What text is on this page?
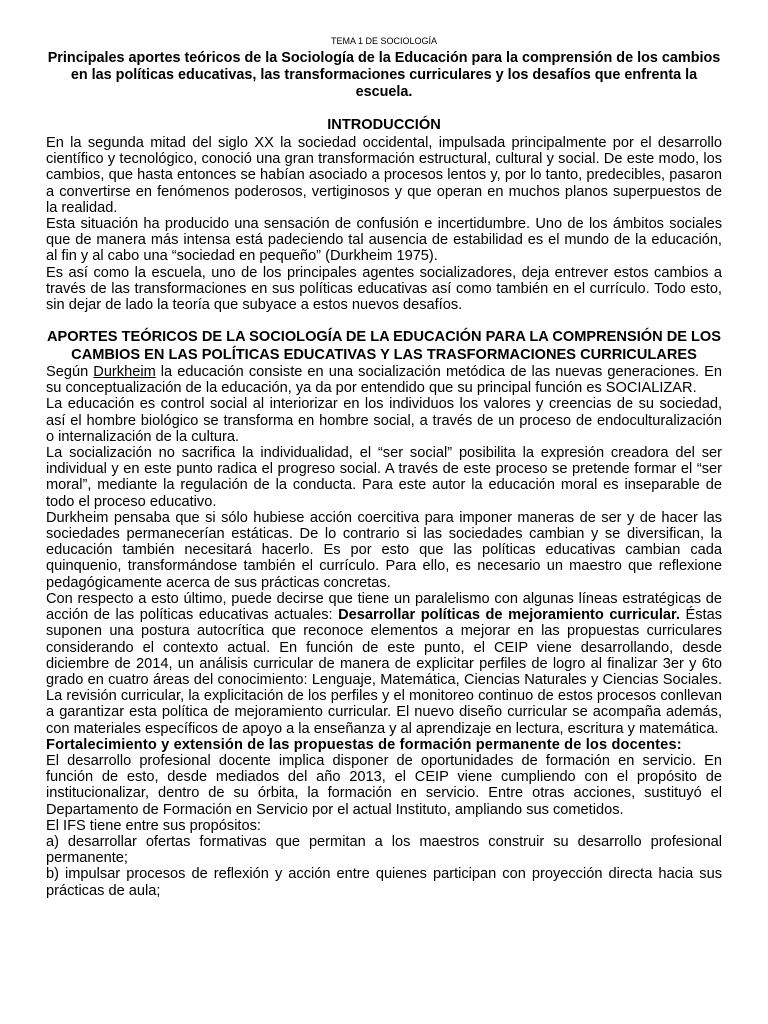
TEMA 1 DE SOCIOLOGÍA
Principales aportes teóricos de la Sociología de la Educación para la comprensión de los cambios en las políticas educativas, las transformaciones curriculares y los desafíos que enfrenta la escuela.
INTRODUCCIÓN

En la segunda mitad del siglo XX la sociedad occidental, impulsada principalmente por el desarrollo científico y tecnológico, conoció una gran transformación estructural, cultural y social. De este modo, los cambios, que hasta entonces se habían asociado a procesos lentos y, por lo tanto, predecibles, pasaron a convertirse en fenómenos poderosos, vertiginosos y que operan en muchos planos superpuestos de la realidad.

Esta situación ha producido una sensación de confusión e incertidumbre. Uno de los ámbitos sociales que de manera más intensa está padeciendo tal ausencia de estabilidad es el mundo de la educación, al fin y al cabo una “sociedad en pequeño” (Durkheim 1975).

Es así como la escuela, uno de los principales agentes socializadores, deja entrever estos cambios a través de las transformaciones en sus políticas educativas así como también en el currículo. Todo esto, sin dejar de lado la teoría que subyace a estos nuevos desafíos.

APORTES TEÓRICOS DE LA SOCIOLOGÍA DE LA EDUCACIÓN PARA LA COMPRENSIÓN DE LOS CAMBIOS EN LAS POLÍTICAS EDUCATIVAS Y LAS TRASFORMACIONES CURRICULARES

Según Durkheim la educación consiste en una socialización metódica de las nuevas generaciones. En su conceptualización de la educación, ya da por entendido que su principal función es SOCIALIZAR.

La educación es control social al interiorizar en los individuos los valores y creencias de su sociedad, así el hombre biológico se transforma en hombre social, a través de un proceso de endoculturalización o internalización de la cultura.

La socialización no sacrifica la individualidad, el “ser social” posibilita la expresión creadora del ser individual y en este punto radica el progreso social. A través de este proceso se pretende formar el “ser moral”, mediante la regulación de la conducta. Para este autor la educación moral es inseparable de todo el proceso educativo.

Durkheim pensaba que si sólo hubiese acción coercitiva para imponer maneras de ser y de hacer las sociedades permanecerían estáticas. De lo contrario si las sociedades cambian y se diversifican, la educación también necesitará hacerlo. Es por esto que las políticas educativas cambian cada quinquenio, transformándose también el currículo. Para ello, es necesario un maestro que reflexione pedagógicamente acerca de sus prácticas concretas.

Con respecto a esto último, puede decirse que tiene un paralelismo con algunas líneas estratégicas de acción de las políticas educativas actuales: Desarrollar políticas de mejoramiento curricular. Éstas suponen una postura autocrítica que reconoce elementos a mejorar en las propuestas curriculares considerando el contexto actual. En función de este punto, el CEIP viene desarrollando, desde diciembre de 2014, un análisis curricular de manera de explicitar perfiles de logro al finalizar 3er y 6to grado en cuatro áreas del conocimiento: Lenguaje, Matemática, Ciencias Naturales y Ciencias Sociales. La revisión curricular, la explicitación de los perfiles y el monitoreo continuo de estos procesos conllevan a garantizar esta política de mejoramiento curricular. El nuevo diseño curricular se acompaña además, con materiales específicos de apoyo a la enseñanza y al aprendizaje en lectura, escritura y matemática.

Fortalecimiento y extensión de las propuestas de formación permanente de los docentes:

El desarrollo profesional docente implica disponer de oportunidades de formación en servicio. En función de esto, desde mediados del año 2013, el CEIP viene cumpliendo con el propósito de institucionalizar, dentro de su órbita, la formación en servicio. Entre otras acciones, sustituyó el Departamento de Formación en Servicio por el actual Instituto, ampliando sus cometidos.

El IFS tiene entre sus propósitos:

a) desarrollar ofertas formativas que permitan a los maestros construir su desarrollo profesional permanente;

b) impulsar procesos de reflexión y acción entre quienes participan con proyección directa hacia sus prácticas de aula;
